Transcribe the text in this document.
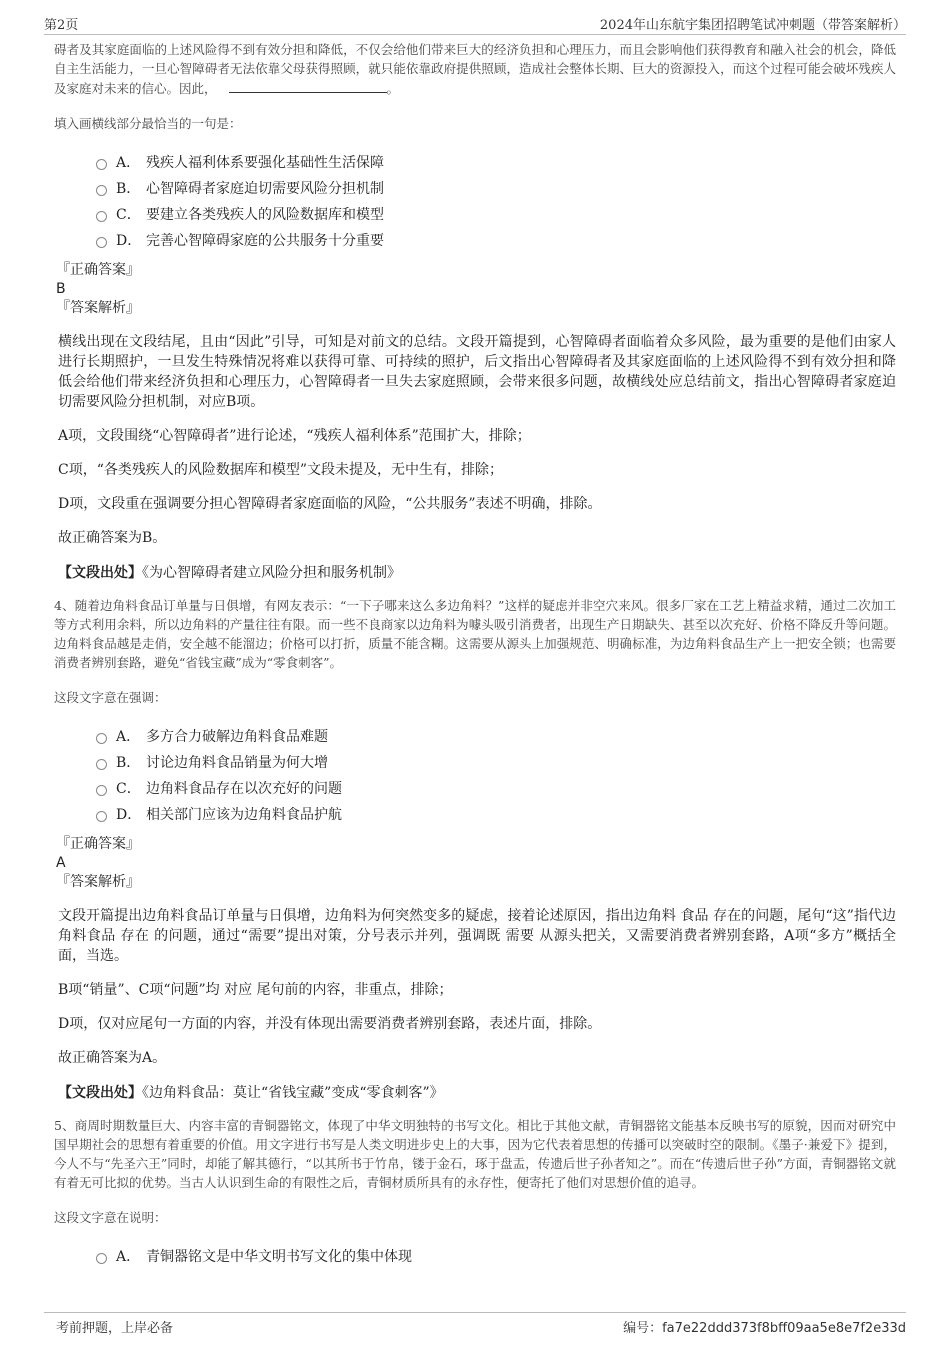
第2页	2024年山东航宇集团招聘笔试冲刺题（带答案解析）

碍者及其家庭面临的上述风险得不到有效分担和降低，不仅会给他们带来巨大的经济负担和心理压力，而且会影响他们获得教育和融入社会的机会，降低自主生活能力，一旦心智障碍者无法依靠父母获得照顾，就只能依靠政府提供照顾，造成社会整体长期、巨大的资源投入，而这个过程可能会破坏残疾人及家庭对未来的信心。因此，	。

填入画横线部分最恰当的一句是：

A． 残疾人福利体系要强化基础性生活保障
B． 心智障碍者家庭迫切需要风险分担机制
C． 要建立各类残疾人的风险数据库和模型
D． 完善心智障碍家庭的公共服务十分重要

『正确答案』

B

『答案解析』

横线出现在文段结尾，且由“因此”引导，可知是对前文的总结。文段开篇提到，心智障碍者面临着众多风险，最为重要的是他们由家人进行长期照护，一旦发生特殊情况将难以获得可靠、可持续的照护，后文指出心智障碍者及其家庭面临的上述风险得不到有效分担和降低会给他们带来经济负担和心理压力，心智障碍者一旦失去家庭照顾，会带来很多问题，故横线处应总结前文，指出心智障碍者家庭迫切需要风险分担机制，对应B项。

A项，文段围绕“心智障碍者”进行论述，“残疾人福利体系”范围扩大，排除；

C项，“各类残疾人的风险数据库和模型”文段未提及，无中生有，排除；

D项，文段重在强调要分担心智障碍者家庭面临的风险，“公共服务”表述不明确，排除。

故正确答案为B。

【文段出处】《为心智障碍者建立风险分担和服务机制》

4、随着边角料食品订单量与日俱增，有网友表示：“一下子哪来这么多边角料？”这样的疑虑并非空穴来风。很多厂家在工艺上精益求精，通过二次加工等方式利用余料，所以边角料的产量往往有限。而一些不良商家以边角料为噱头吸引消费者，出现生产日期缺失、甚至以次充好、价格不降反升等问题。边角料食品越是走俏，安全越不能溜边；价格可以打折，质量不能含糊。这需要从源头上加强规范、明确标准，为边角料食品生产上一把安全锁；也需要消费者辨别套路，避免“省钱宝藏”成为“零食刺客”。

这段文字意在强调：

A． 多方合力破解边角料食品难题
B． 讨论边角料食品销量为何大增
C． 边角料食品存在以次充好的问题
D． 相关部门应该为边角料食品护航

『正确答案』

A

『答案解析』

文段开篇提出边角料食品订单量与日俱增，边角料为何突然变多的疑虑，接着论述原因，指出边角料 食品 存在的问题，尾句“这”指代边角料食品 存在 的问题，通过“需要”提出对策，分号表示并列，强调既 需要 从源头把关，又需要消费者辨别套路，A项“多方”概括全面，当选。

B项“销量”、C项“问题”均 对应 尾句前的内容，非重点，排除；

D项，仅对应尾句一方面的内容，并没有体现出需要消费者辨别套路，表述片面，排除。

故正确答案为A。

【文段出处】《边角料食品：莫让“省钱宝藏”变成“零食刺客”》

5、商周时期数量巨大、内容丰富的青铜器铭文，体现了中华文明独特的书写文化。相比于其他文献，青铜器铭文能基本反映书写的原貌，因而对研究中国早期社会的思想有着重要的价值。用文字进行书写是人类文明进步史上的大事，因为它代表着思想的传播可以突破时空的限制。《墨子·兼爱下》提到，今人不与“先圣六王”同时，却能了解其德行，“以其所书于竹帛，镂于金石，琢于盘盂，传遗后世子孙者知之”。而在“传遗后世子孙”方面，青铜器铭文就有着无可比拟的优势。当古人认识到生命的有限性之后，青铜材质所具有的永存性，便寄托了他们对思想价值的追寻。

这段文字意在说明：

A． 青铜器铭文是中华文明书写文化的集中体现
考前押题，上岸必备	编号：fa7e22ddd373f8bff09aa5e8e7f2e33d
